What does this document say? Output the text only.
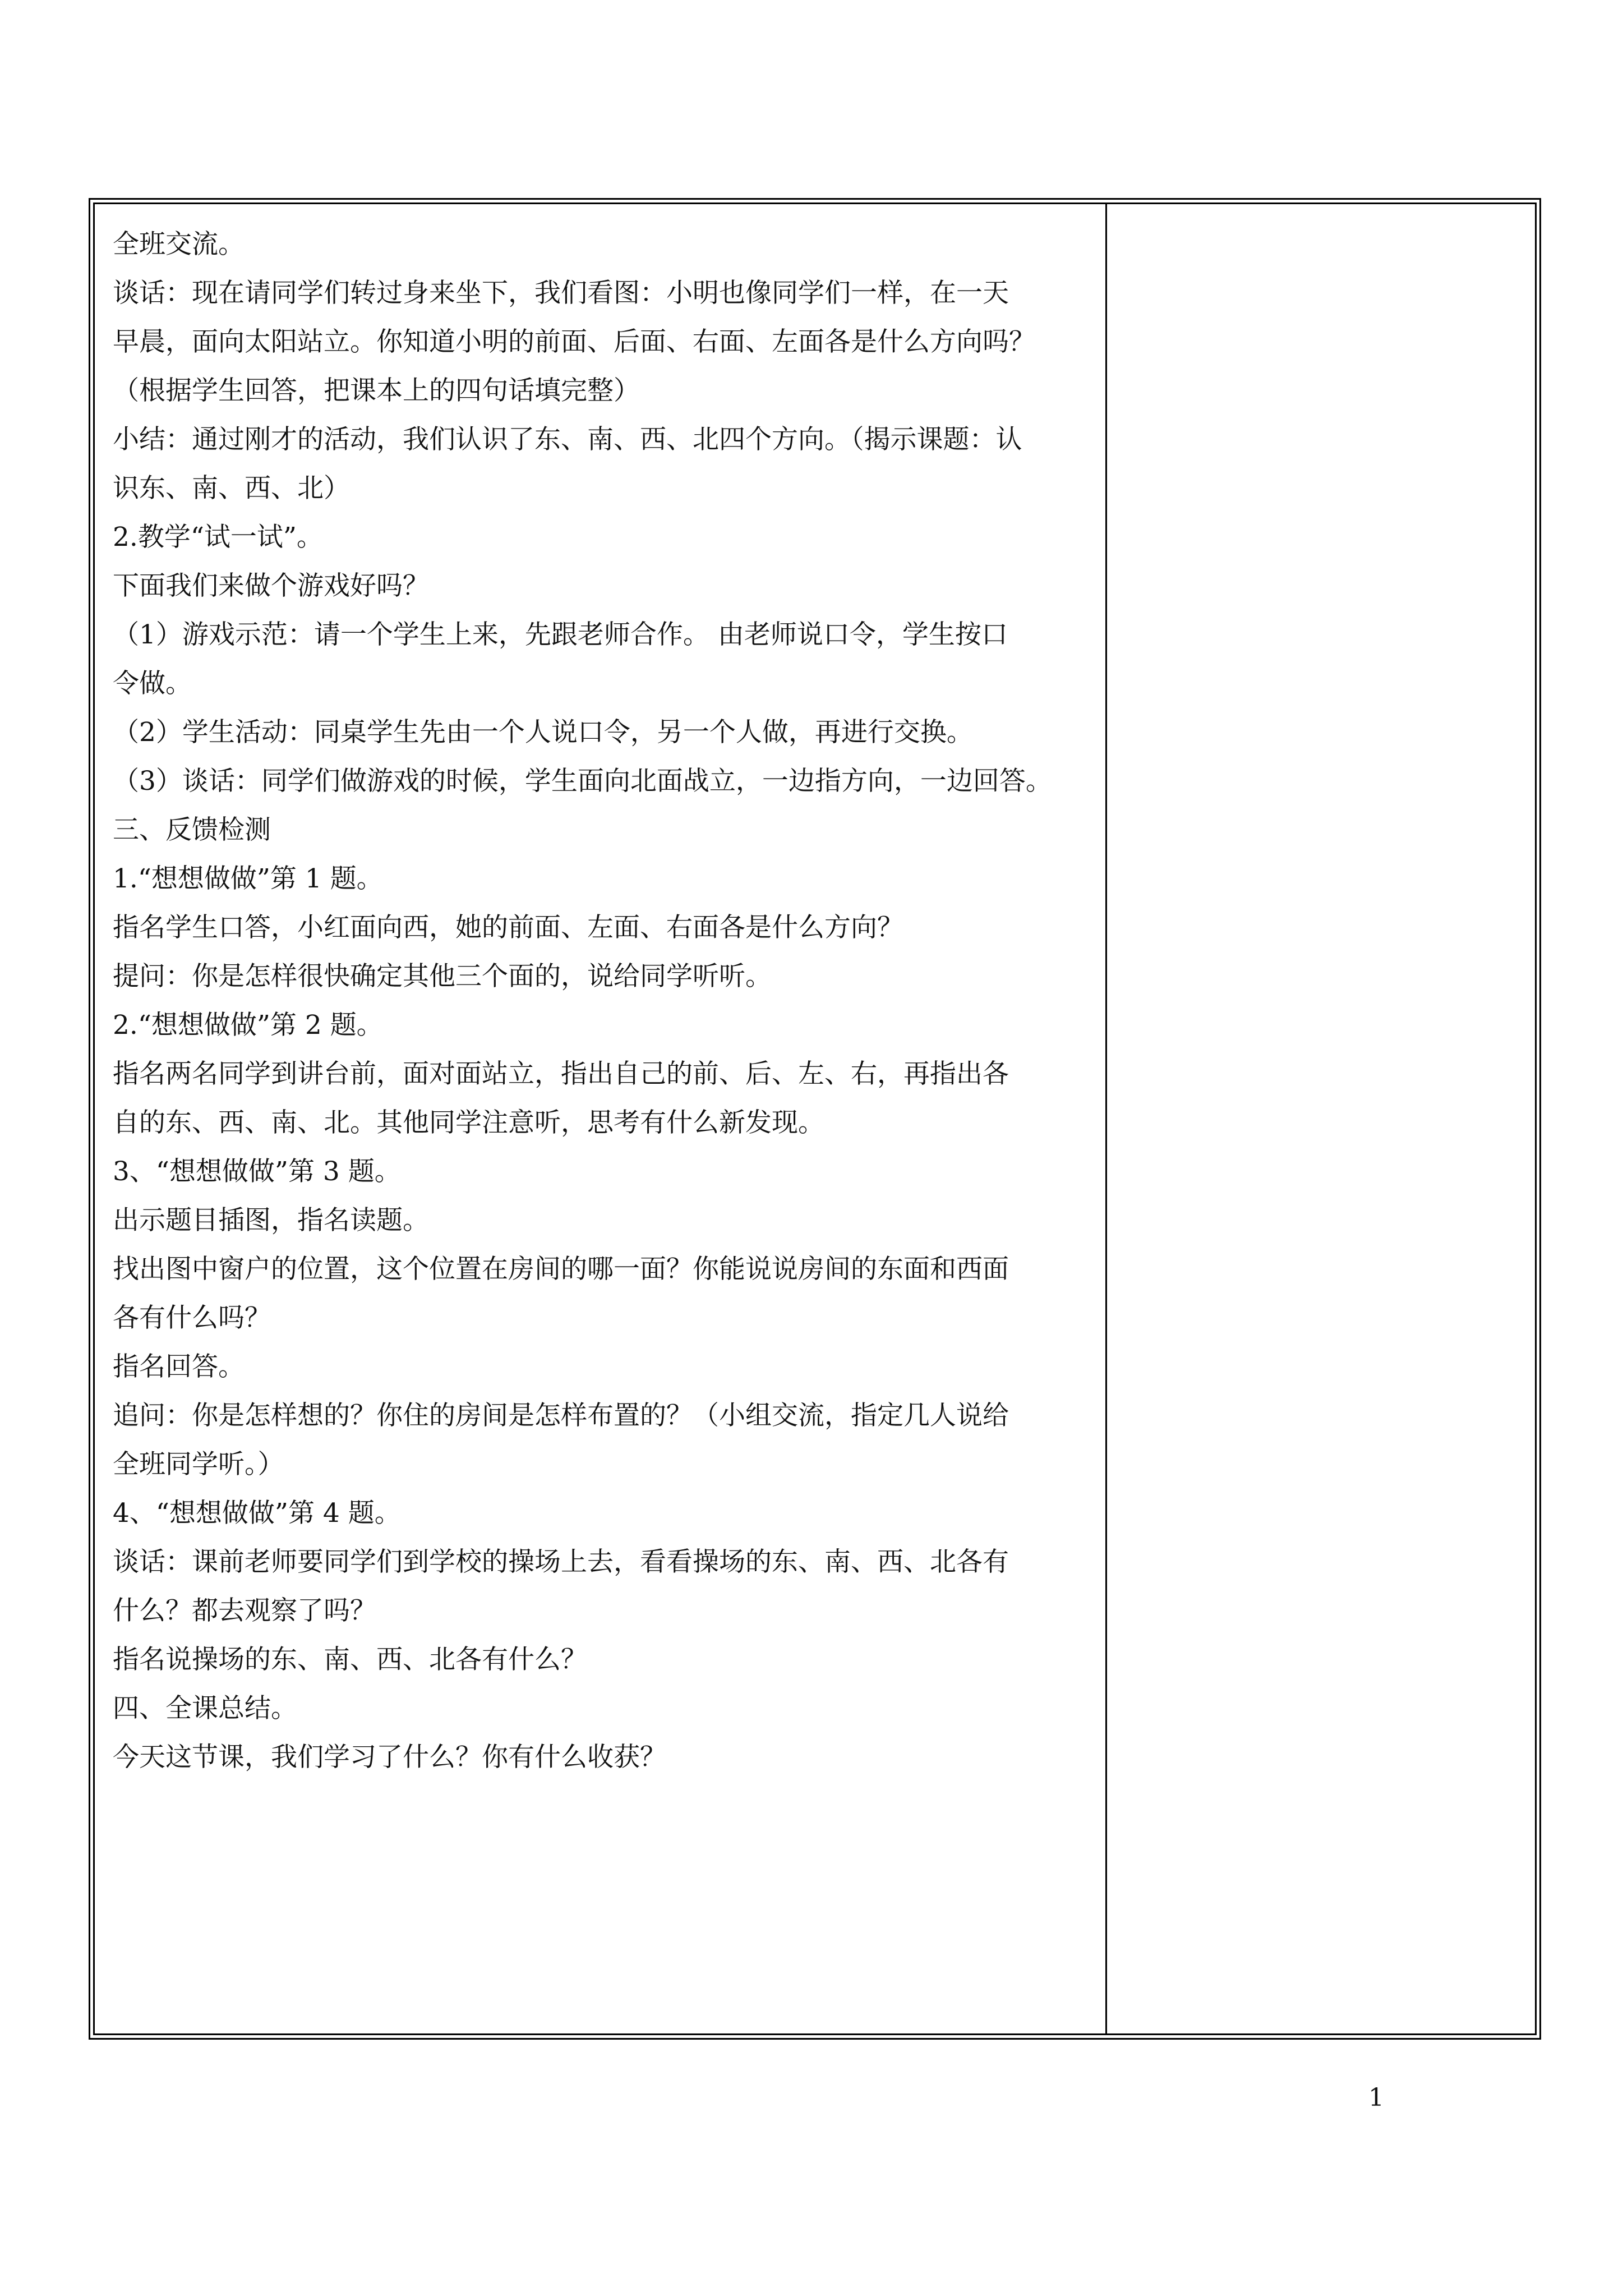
全班交流。
谈话：现在请同学们转过身来坐下，我们看图：小明也像同学们一样，在一天
早晨，面向太阳站立。你知道小明的前面、后面、右面、左面各是什么方向吗？
（根据学生回答，把课本上的四句话填完整）
小结：通过刚才的活动，我们认识了东、南、西、北四个方向。（揭示课题：认
识东、南、西、北）
2.教学“试一试”。
下面我们来做个游戏好吗？
（1）游戏示范：请一个学生上来，先跟老师合作。 由老师说口令，学生按口
令做。
（2）学生活动：同桌学生先由一个人说口令，另一个人做，再进行交换。
（3）谈话：同学们做游戏的时候，学生面向北面战立，一边指方向，一边回答。
三、反馈检测
1.“想想做做”第 1 题。
指名学生口答，小红面向西，她的前面、左面、右面各是什么方向？
提问：你是怎样很快确定其他三个面的，说给同学听听。
2.“想想做做”第 2 题。
指名两名同学到讲台前，面对面站立，指出自己的前、后、左、右，再指出各
自的东、西、南、北。其他同学注意听，思考有什么新发现。
3、“想想做做”第 3 题。
出示题目插图，指名读题。
找出图中窗户的位置，这个位置在房间的哪一面？你能说说房间的东面和西面
各有什么吗？
指名回答。
追问：你是怎样想的？你住的房间是怎样布置的？（小组交流，指定几人说给
全班同学听。）
4、“想想做做”第 4 题。
谈话：课前老师要同学们到学校的操场上去，看看操场的东、南、西、北各有
什么？都去观察了吗？
指名说操场的东、南、西、北各有什么？
四、全课总结。
今天这节课，我们学习了什么？你有什么收获？
1
